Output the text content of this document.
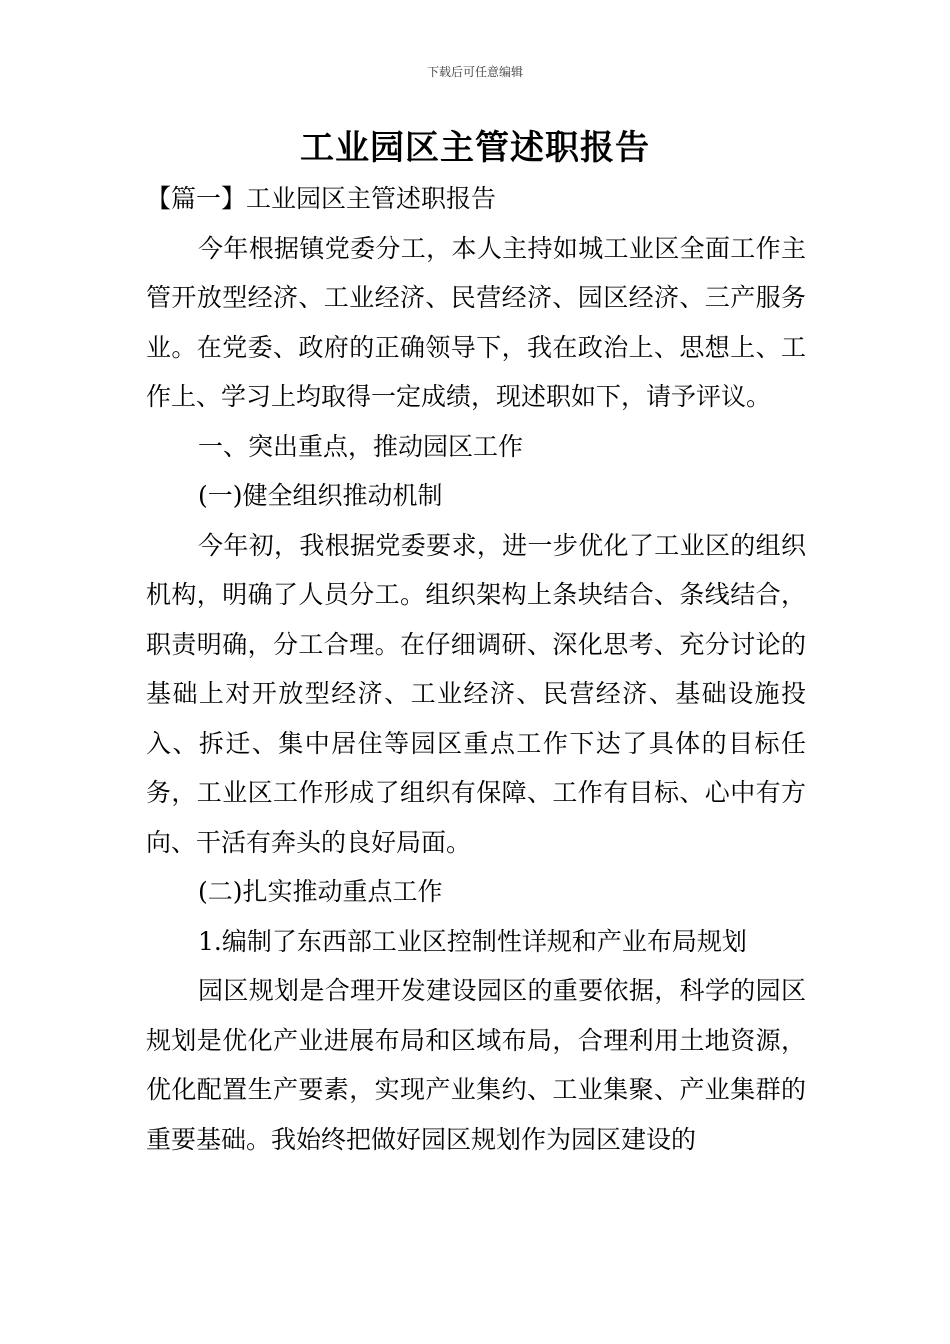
下载后可任意编辑
工业园区主管述职报告

【篇一】工业园区主管述职报告

今年根据镇党委分工，本人主持如城工业区全面工作主管开放型经济、工业经济、民营经济、园区经济、三产服务业。在党委、政府的正确领导下，我在政治上、思想上、工作上、学习上均取得一定成绩，现述职如下，请予评议。

一、突出重点，推动园区工作

(一)健全组织推动机制

今年初，我根据党委要求，进一步优化了工业区的组织机构，明确了人员分工。组织架构上条块结合、条线结合，职责明确，分工合理。在仔细调研、深化思考、充分讨论的基础上对开放型经济、工业经济、民营经济、基础设施投入、拆迁、集中居住等园区重点工作下达了具体的目标任务，工业区工作形成了组织有保障、工作有目标、心中有方向、干活有奔头的良好局面。

(二)扎实推动重点工作

1.编制了东西部工业区控制性详规和产业布局规划

园区规划是合理开发建设园区的重要依据，科学的园区规划是优化产业进展布局和区域布局，合理利用土地资源，优化配置生产要素，实现产业集约、工业集聚、产业集群的重要基础。我始终把做好园区规划作为园区建设的
